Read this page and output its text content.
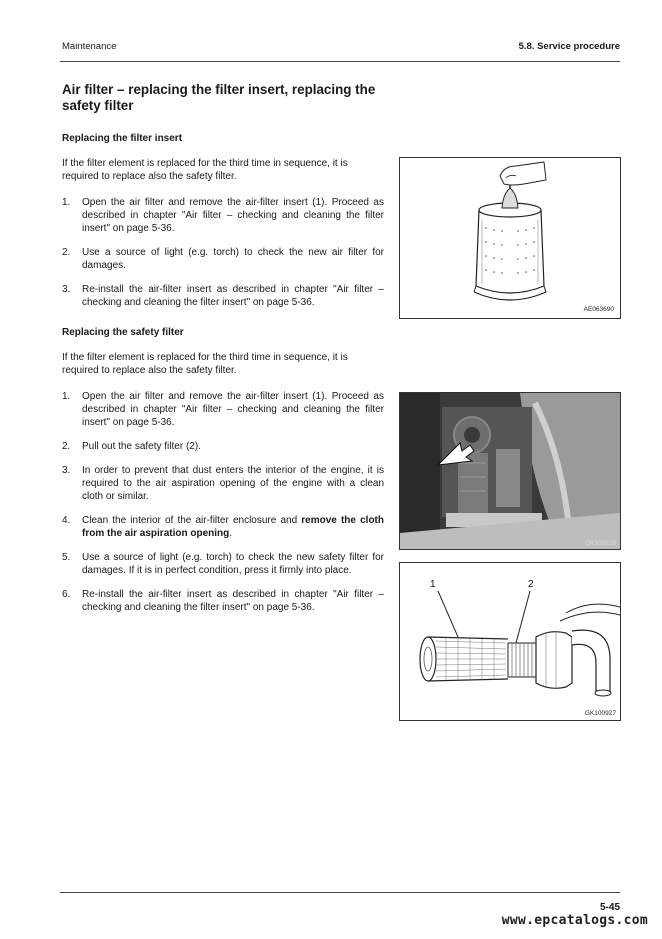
Maintenance	5.8. Service procedure
Air filter – replacing the filter insert, replacing the safety filter

Replacing the filter insert

If the filter element is replaced for the third time in sequence, it is required to replace also the safety filter.

1. Open the air filter and remove the air-filter insert (1). Proceed as described in chapter "Air filter – checking and cleaning the filter insert" on page 5-36.
2. Use a source of light (e.g. torch) to check the new air filter for damages.
3. Re-install the air-filter insert as described in chapter "Air filter – checking and cleaning the filter insert" on page 5-36.

Replacing the safety filter

If the filter element is replaced for the third time in sequence, it is required to replace also the safety filter.

1. Open the air filter and remove the air-filter insert (1). Proceed as described in chapter "Air filter – checking and cleaning the filter insert" on page 5-36.
2. Pull out the safety filter (2).
3. In order to prevent that dust enters the interior of the engine, it is required to the air aspiration opening of the engine with a clean cloth or similar.
4. Clean the interior of the air-filter enclosure and remove the cloth from the air aspiration opening.
5. Use a source of light (e.g. torch) to check the new safety filter for damages. If it is in perfect condition, press it firmly into place.
6. Re-install the air-filter insert as described in chapter "Air filter – checking and cleaning the filter insert" on page 5-36.
AE063690
GK100928
1	2
GK100927
5-45
www.epcatalogs.com
